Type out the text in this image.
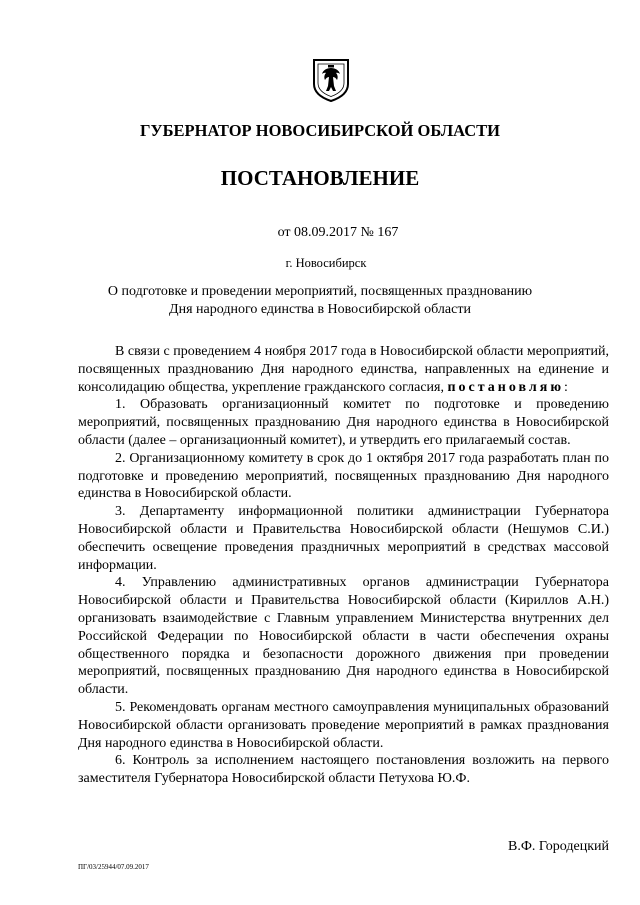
ГУБЕРНАТОР НОВОСИБИРСКОЙ ОБЛАСТИ
ПОСТАНОВЛЕНИЕ
от 08.09.2017 № 167
г. Новосибирск
О подготовке и проведении мероприятий, посвященных празднованию
Дня народного единства в Новосибирской области

В связи с проведением 4 ноября 2017 года в Новосибирской области мероприятий, посвященных празднованию Дня народного единства, направленных на единение и консолидацию общества, укрепление гражданского согласия, постановляю:

1. Образовать организационный комитет по подготовке и проведению мероприятий, посвященных празднованию Дня народного единства в Новосибирской области (далее – организационный комитет), и утвердить его прилагаемый состав.

2. Организационному комитету в срок до 1 октября 2017 года разработать план по подготовке и проведению мероприятий, посвященных празднованию Дня народного единства в Новосибирской области.

3. Департаменту информационной политики администрации Губернатора Новосибирской области и Правительства Новосибирской области (Нешумов С.И.) обеспечить освещение проведения праздничных мероприятий в средствах массовой информации.

4. Управлению административных органов администрации Губернатора Новосибирской области и Правительства Новосибирской области (Кириллов А.Н.) организовать взаимодействие с Главным управлением Министерства внутренних дел Российской Федерации по Новосибирской области в части обеспечения охраны общественного порядка и безопасности дорожного движения при проведении мероприятий, посвященных празднованию Дня народного единства в Новосибирской области.

5. Рекомендовать органам местного самоуправления муниципальных образований Новосибирской области организовать проведение мероприятий в рамках празднования Дня народного единства в Новосибирской области.

6. Контроль за исполнением настоящего постановления возложить на первого заместителя Губернатора Новосибирской области Петухова Ю.Ф.

В.Ф. Городецкий
ПГ/03/25944/07.09.2017
